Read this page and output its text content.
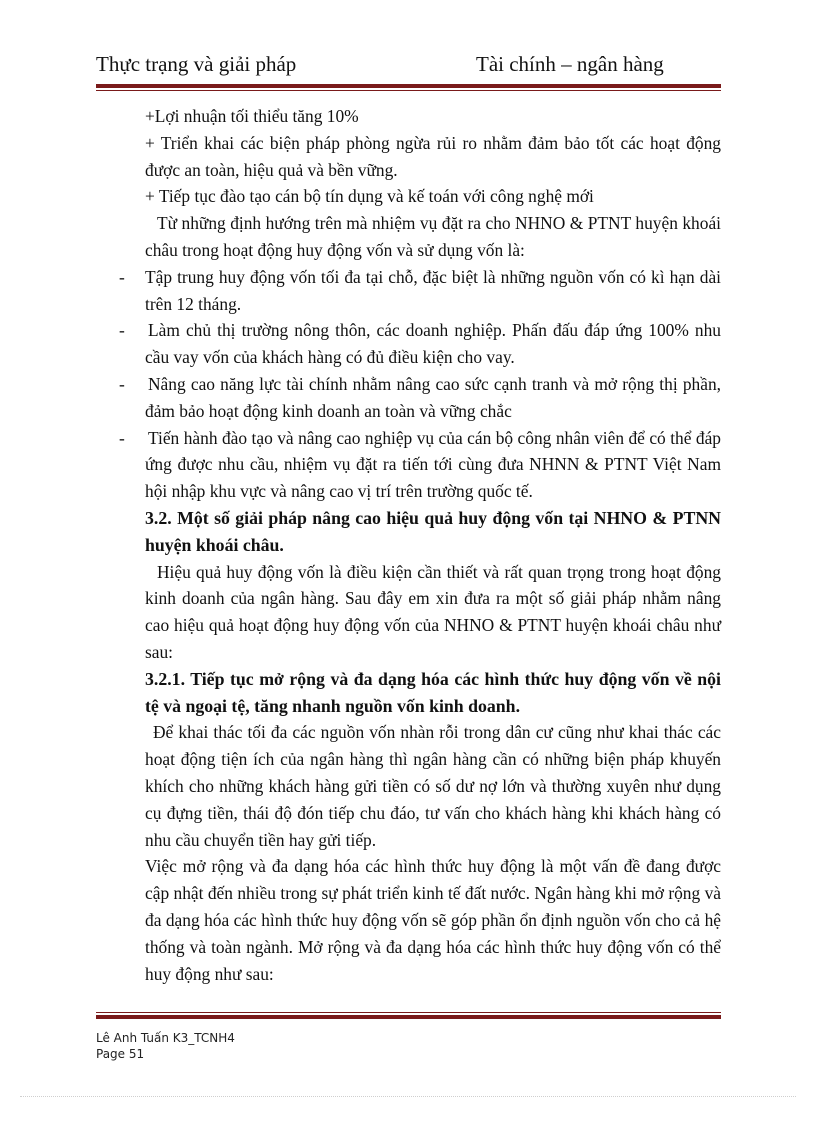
Thực trạng và giải pháp	Tài chính – ngân hàng

+Lợi nhuận tối thiểu tăng 10%

+ Triển khai các biện pháp phòng ngừa rủi ro nhằm đảm bảo tốt các hoạt động được an toàn, hiệu quả và bền vững.

+ Tiếp tục đào tạo cán bộ tín dụng và kế toán với công nghệ mới

Từ những định hướng trên mà nhiệm vụ đặt ra cho NHNO & PTNT huyện khoái châu trong hoạt động huy động vốn và sử dụng vốn là:

- Tập trung huy động vốn tối đa tại chỗ, đặc biệt là những nguồn vốn có kì hạn dài trên 12 tháng.
- Làm chủ thị trường nông thôn, các doanh nghiệp. Phấn đấu đáp ứng 100% nhu cầu vay vốn của khách hàng có đủ điều kiện cho vay.
- Nâng cao năng lực tài chính nhằm nâng cao sức cạnh tranh và mở rộng thị phần, đảm bảo hoạt động kinh doanh an toàn và vững chắc
- Tiến hành đào tạo và nâng cao nghiệp vụ của cán bộ công nhân viên để có thể đáp ứng được nhu cầu, nhiệm vụ đặt ra tiến tới cùng đưa NHNN & PTNT Việt Nam hội nhập khu vực và nâng cao vị trí trên trường quốc tế.

3.2. Một số giải pháp nâng cao hiệu quả huy động vốn tại NHNO & PTNN huyện khoái châu.

Hiệu quả huy động vốn là điều kiện cần thiết và rất quan trọng trong hoạt động kinh doanh của ngân hàng. Sau đây em xin đưa ra một số giải pháp nhằm nâng cao hiệu quả hoạt động huy động vốn của NHNO & PTNT huyện khoái châu như sau:

3.2.1. Tiếp tục mở rộng và đa dạng hóa các hình thức huy động vốn về nội tệ và ngoại tệ, tăng nhanh nguồn vốn kinh doanh.

Để khai thác tối đa các nguồn vốn nhàn rỗi trong dân cư cũng như khai thác các hoạt động tiện ích của ngân hàng thì ngân hàng cần có những biện pháp khuyến khích cho những khách hàng gửi tiền có số dư nợ lớn và thường xuyên như dụng cụ đựng tiền, thái độ đón tiếp chu đáo, tư vấn cho khách hàng khi khách hàng có nhu cầu chuyển tiền hay gửi tiếp.

Việc mở rộng và đa dạng hóa các hình thức huy động là một vấn đề đang được cập nhật đến nhiều trong sự phát triển kinh tế đất nước. Ngân hàng khi mở rộng và đa dạng hóa các hình thức huy động vốn sẽ góp phần ổn định nguồn vốn cho cả hệ thống và toàn ngành. Mở rộng và đa dạng hóa các hình thức huy động vốn có thể huy động như sau:

Lê Anh Tuấn K3_TCNH4
Page 51
